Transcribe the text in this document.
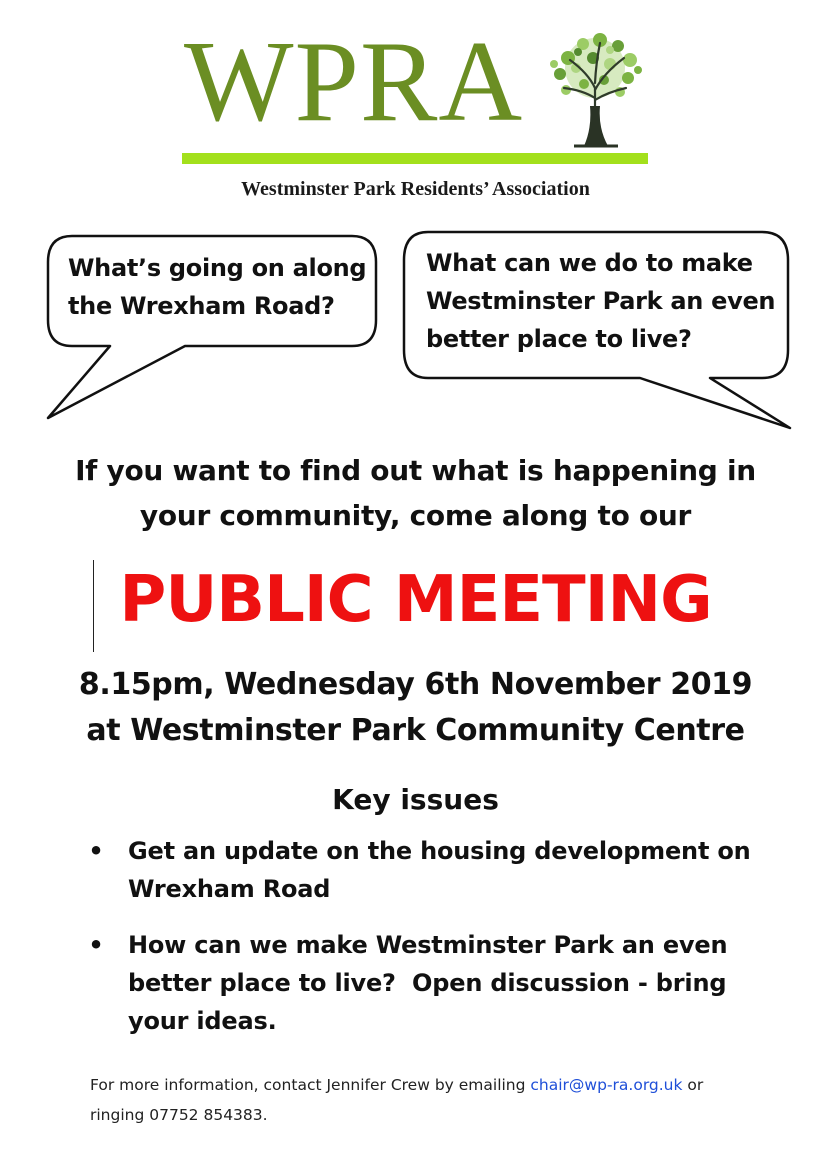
WPRA
Westminster Park Residents’ Association
What’s going on along
the Wrexham Road?
What can we do to make
Westminster Park an even
better place to live?
If you want to find out what is happening in
your community, come along to our
PUBLIC MEETING
8.15pm, Wednesday 6th November 2019
at Westminster Park Community Centre
Key issues
• Get an update on the housing development on
Wrexham Road
• How can we make Westminster Park an even
better place to live?  Open discussion - bring
your ideas.
For more information, contact Jennifer Crew by emailing chair@wp-ra.org.uk or
ringing 07752 854383.
